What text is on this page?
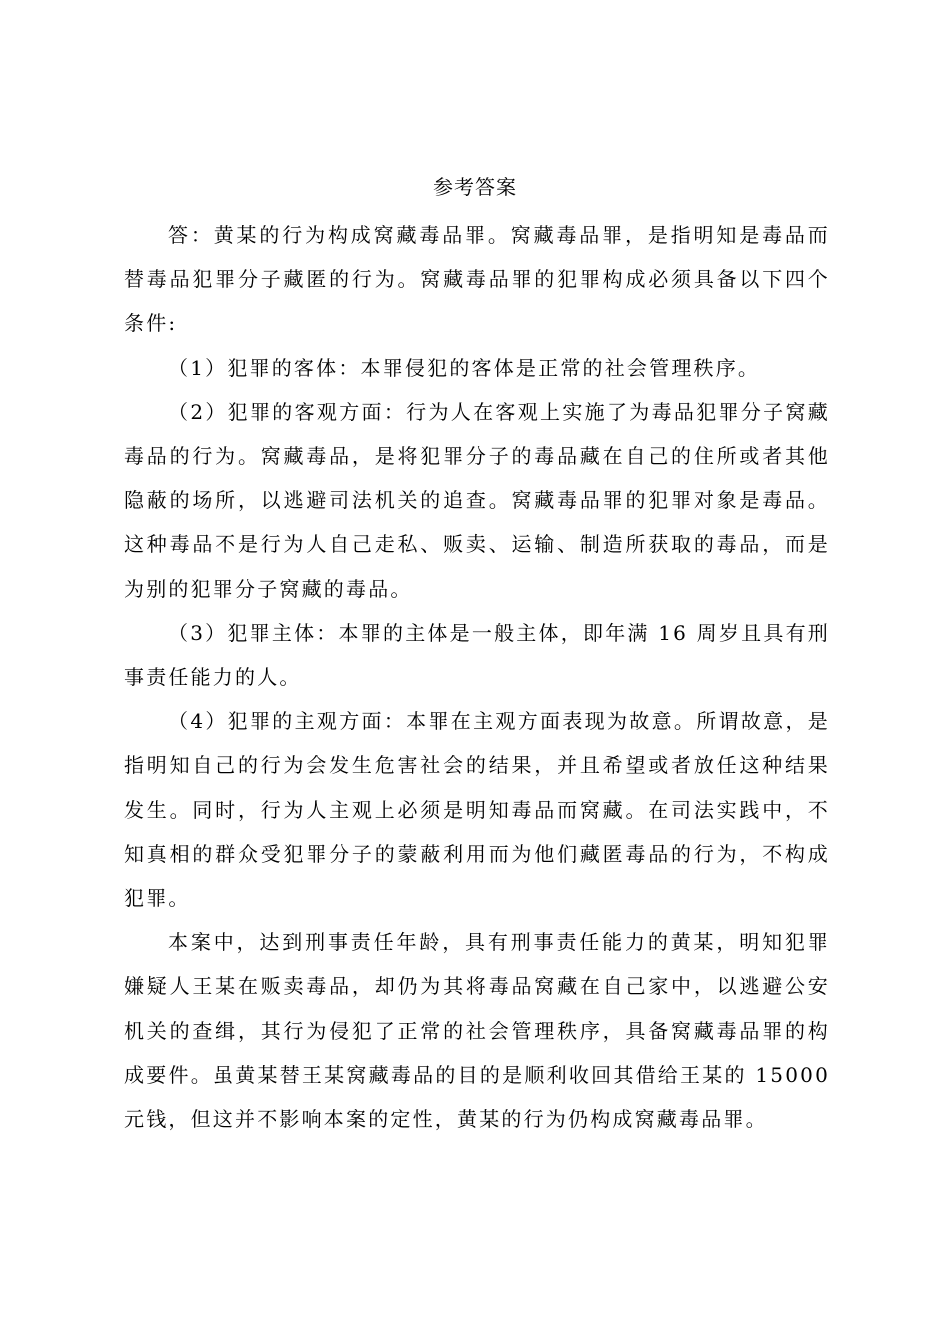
参考答案

答：黄某的行为构成窝藏毒品罪。窝藏毒品罪，是指明知是毒品而替毒品犯罪分子藏匿的行为。窝藏毒品罪的犯罪构成必须具备以下四个条件:

（1）犯罪的客体：本罪侵犯的客体是正常的社会管理秩序。

（2）犯罪的客观方面：行为人在客观上实施了为毒品犯罪分子窝藏毒品的行为。窝藏毒品，是将犯罪分子的毒品藏在自己的住所或者其他隐蔽的场所，以逃避司法机关的追查。窝藏毒品罪的犯罪对象是毒品。这种毒品不是行为人自己走私、贩卖、运输、制造所获取的毒品，而是为别的犯罪分子窝藏的毒品。

（3）犯罪主体：本罪的主体是一般主体，即年满 16 周岁且具有刑事责任能力的人。

（4）犯罪的主观方面：本罪在主观方面表现为故意。所谓故意，是指明知自己的行为会发生危害社会的结果，并且希望或者放任这种结果发生。同时，行为人主观上必须是明知毒品而窝藏。在司法实践中，不知真相的群众受犯罪分子的蒙蔽利用而为他们藏匿毒品的行为，不构成犯罪。

本案中，达到刑事责任年龄，具有刑事责任能力的黄某，明知犯罪嫌疑人王某在贩卖毒品，却仍为其将毒品窝藏在自己家中，以逃避公安机关的查缉，其行为侵犯了正常的社会管理秩序，具备窝藏毒品罪的构成要件。虽黄某替王某窝藏毒品的目的是顺利收回其借给王某的 15000 元钱，但这并不影响本案的定性，黄某的行为仍构成窝藏毒品罪。
